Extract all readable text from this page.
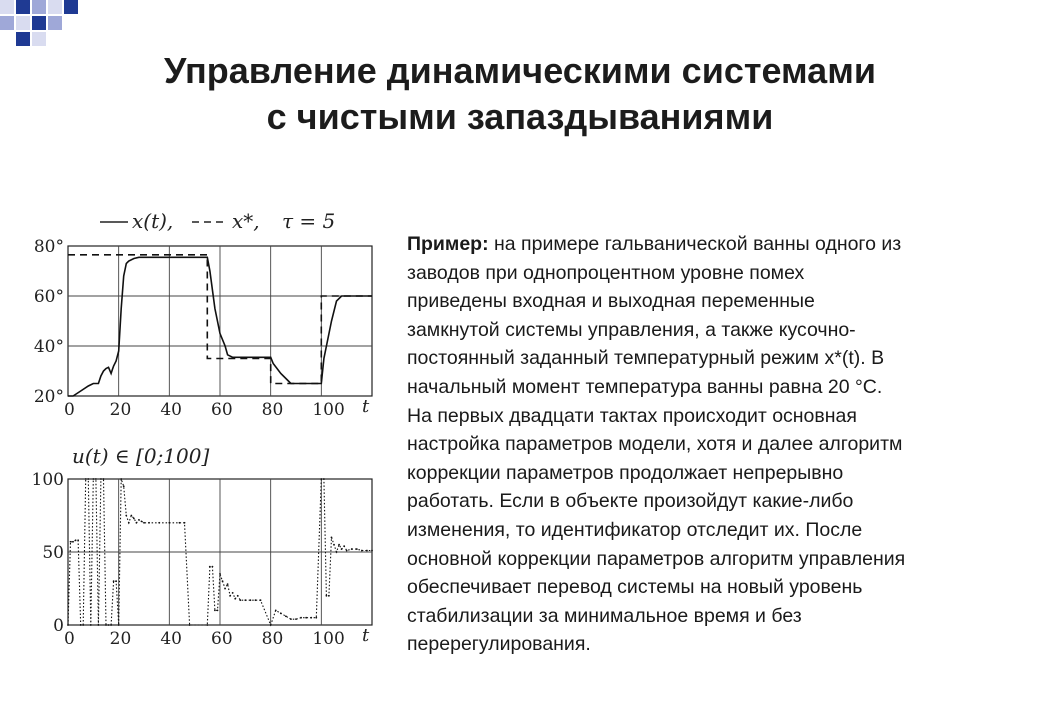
Управление динамическими системами
с чистыми запаздываниями
x(t),	x*, τ = 5
0 20 40 60 80 100 t
20°
40°
60°
80°
u(t) ∈ [0;100]
0 20 40 60 80 100 t
0
50
100
Пример: на примере гальванической ванны одного из
заводов при однопроцентном уровне помех
приведены входная и выходная переменные
замкнутой системы управления, а также кусочно-
постоянный заданный температурный режим x*(t). В
начальный момент температура ванны равна 20 °С.
На первых двадцати тактах происходит основная
настройка параметров модели, хотя и далее алгоритм
коррекции параметров продолжает непрерывно
работать. Если в объекте произойдут какие-либо
изменения, то идентификатор отследит их. После
основной коррекции параметров алгоритм управления
обеспечивает перевод системы на новый уровень
стабилизации за минимальное время и без
перерегулирования.
